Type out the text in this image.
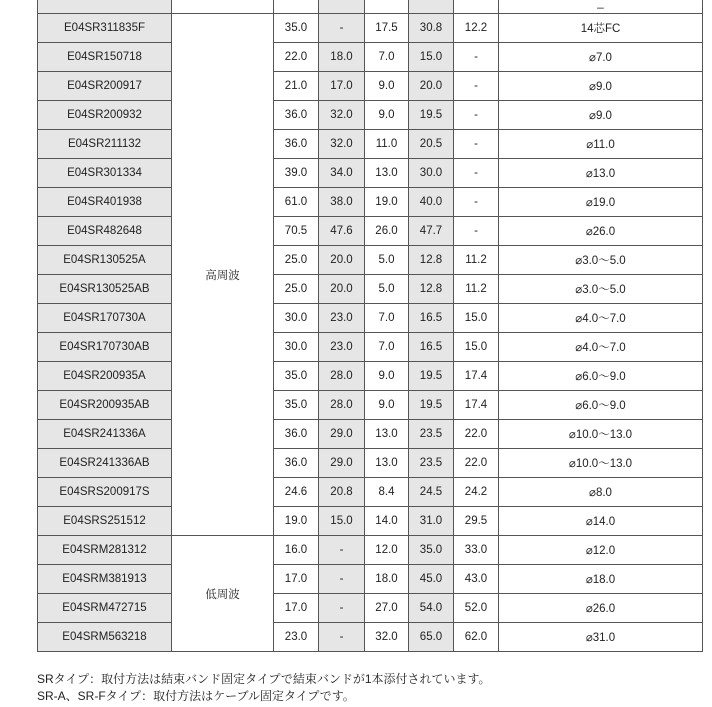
							_
E04SR311835F	高周波	35.0	-	17.5	30.8	12.2	14芯FC
E04SR150718		22.0	18.0	7.0	15.0	-	⌀7.0
E04SR200917		21.0	17.0	9.0	20.0	-	⌀9.0
E04SR200932		36.0	32.0	9.0	19.5	-	⌀9.0
E04SR211132		36.0	32.0	11.0	20.5	-	⌀11.0
E04SR301334		39.0	34.0	13.0	30.0	-	⌀13.0
E04SR401938		61.0	38.0	19.0	40.0	-	⌀19.0
E04SR482648		70.5	47.6	26.0	47.7	-	⌀26.0
E04SR130525A		25.0	20.0	5.0	12.8	11.2	⌀3.0～5.0
E04SR130525AB		25.0	20.0	5.0	12.8	11.2	⌀3.0～5.0
E04SR170730A		30.0	23.0	7.0	16.5	15.0	⌀4.0～7.0
E04SR170730AB		30.0	23.0	7.0	16.5	15.0	⌀4.0～7.0
E04SR200935A		35.0	28.0	9.0	19.5	17.4	⌀6.0～9.0
E04SR200935AB		35.0	28.0	9.0	19.5	17.4	⌀6.0～9.0
E04SR241336A		36.0	29.0	13.0	23.5	22.0	⌀10.0～13.0
E04SR241336AB		36.0	29.0	13.0	23.5	22.0	⌀10.0～13.0
E04SRS200917S		24.6	20.8	8.4	24.5	24.2	⌀8.0
E04SRS251512		19.0	15.0	14.0	31.0	29.5	⌀14.0
E04SRM281312	低周波	16.0	-	12.0	35.0	33.0	⌀12.0
E04SRM381913		17.0	-	18.0	45.0	43.0	⌀18.0
E04SRM472715		17.0	-	27.0	54.0	52.0	⌀26.0
E04SRM563218		23.0	-	32.0	65.0	62.0	⌀31.0
SRタイプ：取付方法は結束バンド固定タイプで結束バンドが1本添付されています。
SR-A、SR-Fタイプ：取付方法はケーブル固定タイプです。
